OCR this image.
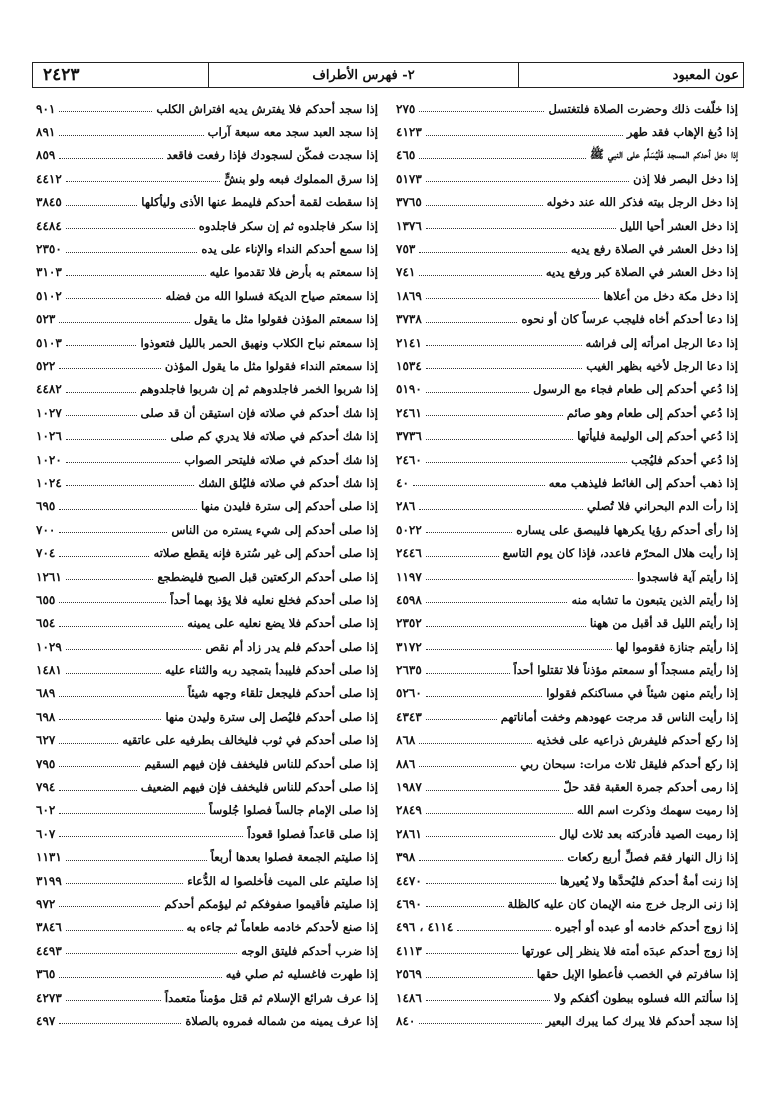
عون المعبود
٢- فهرس الأطراف
٢٤٢٣
إذا خلّفت ذلك وحضرت الصلاة فلتغتسل
٢٧٥
إذا دُبغ الإهاب فقد طهر
٤١٢٣
إذا دخل أحدكم المسجد فَلْيُسَلِّم على النبي ﷺ
٤٦٥
إذا دخل البصر فلا إذن
٥١٧٣
إذا دخل الرجل بيته فذكر الله عند دخوله
٣٧٦٥
إذا دخل العشر أحيا الليل
١٣٧٦
إذا دخل العشر في الصلاة رفع يديه
٧٥٣
إذا دخل العشر في الصلاة كبر ورفع يديه
٧٤١
إذا دخل مكة دخل من أعلاها
١٨٦٩
إذا دعا أحدكم أخاه فليجب عرساً كان أو نحوه
٣٧٣٨
إذا دعا الرجل امرأته إلى فراشه
٢١٤١
إذا دعا الرجل لأخيه بظهر الغيب
١٥٣٤
إذا دُعي أحدكم إلى طعام فجاء مع الرسول
٥١٩٠
إذا دُعي أحدكم إلى طعام وهو صائم
٢٤٦١
إذا دُعي أحدكم إلى الوليمة فليأتها
٣٧٣٦
إذا دُعي أحدكم فليُجب
٢٤٦٠
إذا ذهب أحدكم إلى الغائط فليذهب معه
٤٠
إذا رأت الدم البحراني فلا تُصلي
٢٨٦
إذا رأى أحدكم رؤيا يكرهها فليبصق على يساره
٥٠٢٢
إذا رأيت هلال المحرّم فاعدد، فإذا كان يوم التاسع
٢٤٤٦
إذا رأيتم آية فاسجدوا
١١٩٧
إذا رأيتم الذين يتبعون ما تشابه منه
٤٥٩٨
إذا رأيتم الليل قد أقبل من ههنا
٢٣٥٢
إذا رأيتم جنازة فقوموا لها
٣١٧٢
إذا رأيتم مسجداً أو سمعتم مؤذناً فلا تقتلوا أحداً
٢٦٣٥
إذا رأيتم منهن شيئاً في مساكنكم فقولوا
٥٢٦٠
إذا رأيت الناس قد مرجت عهودهم وخفت أماناتهم
٤٣٤٣
إذا ركع أحدكم فليفرش ذراعيه على فخذيه
٨٦٨
إذا ركع أحدكم فليقل ثلاث مرات: سبحان ربي
٨٨٦
إذا رمى أحدكم جمرة العقبة فقد حلّ
١٩٨٧
إذا رميت سهمك وذكرت اسم الله
٢٨٤٩
إذا رميت الصيد فأدركته بعد ثلاث ليال
٢٨٦١
إذا زال النهار فقم فصلِّ أربع ركعات
٣٩٨
إذا زنت أمةُ أحدكم فليُحدَّها ولا يُعيرها
٤٤٧٠
إذا زنى الرجل خرج منه الإيمان كان عليه كالظلة
٤٦٩٠
إذا زوج أحدكم خادمه أو عبده أو أجيره
٤١١٤ ، ٤٩٦
إذا زوج أحدكم عبدَه أمته فلا ينظر إلى عورتها
٤١١٣
إذا سافرتم في الخصب فأعطوا الإبل حقها
٢٥٦٩
إذا سألتم الله فسلوه ببطون أكفكم ولا
١٤٨٦
إذا سجد أحدكم فلا يبرك كما يبرك البعير
٨٤٠
إذا سجد أحدكم فلا يفترش يديه افتراش الكلب
٩٠١
إذا سجد العبد سجد معه سبعة آراب
٨٩١
إذا سجدت فمكّن لسجودك فإذا رفعت فاقعد
٨٥٩
إذا سرق المملوك فبعه ولو بنشٍّ
٤٤١٢
إذا سقطت لقمة أحدكم فليمط عنها الأذى وليأكلها
٣٨٤٥
إذا سكر فاجلدوه ثم إن سكر فاجلدوه
٤٤٨٤
إذا سمع أحدكم النداء والإناء على يده
٢٣٥٠
إذا سمعتم به بأرض فلا تقدموا عليه
٣١٠٣
إذا سمعتم صياح الديكة فسلوا الله من فضله
٥١٠٢
إذا سمعتم المؤذن فقولوا مثل ما يقول
٥٢٣
إذا سمعتم نباح الكلاب ونهيق الحمر بالليل فتعوذوا
٥١٠٣
إذا سمعتم النداء فقولوا مثل ما يقول المؤذن
٥٢٢
إذا شربوا الخمر فاجلدوهم ثم إن شربوا فاجلدوهم
٤٤٨٢
إذا شك أحدكم في صلاته فإن استيقن أن قد صلى
١٠٢٧
إذا شك أحدكم في صلاته فلا يدري كم صلى
١٠٢٦
إذا شك أحدكم في صلاته فليتحر الصواب
١٠٢٠
إذا شك أحدكم في صلاته فليُلق الشك
١٠٢٤
إذا صلى أحدكم إلى سترة فليدن منها
٦٩٥
إذا صلى أحدكم إلى شيء يستره من الناس
٧٠٠
إذا صلى أحدكم إلى غير سُترة فإنه يقطع صلاته
٧٠٤
إذا صلى أحدكم الركعتين قبل الصبح فليضطجع
١٢٦١
إذا صلى أحدكم فخلع نعليه فلا يؤذ بهما أحداً
٦٥٥
إذا صلى أحدكم فلا يضع نعليه على يمينه
٦٥٤
إذا صلى أحدكم فلم يدر زاد أم نقص
١٠٢٩
إذا صلى أحدكم فليبدأ بتمجيد ربه والثناء عليه
١٤٨١
إذا صلى أحدكم فليجعل تلقاء وجهه شيئاً
٦٨٩
إذا صلى أحدكم فليُصل إلى سترة وليدن منها
٦٩٨
إذا صلى أحدكم في ثوب فليخالف بطرفيه على عاتقيه
٦٢٧
إذا صلى أحدكم للناس فليخفف فإن فيهم السقيم
٧٩٥
إذا صلى أحدكم للناس فليخفف فإن فيهم الضعيف
٧٩٤
إذا صلى الإمام جالساً فصلوا جُلوساً
٦٠٢
إذا صلى قاعداً فصلوا قعوداً
٦٠٧
إذا صليتم الجمعة فصلوا بعدها أربعاً
١١٣١
إذا صليتم على الميت فأخلصوا له الدُّعاء
٣١٩٩
إذا صليتم فأقيموا صفوفكم ثم ليؤمكم أحدكم
٩٧٢
إذا صنع لأحدكم خادمه طعاماً ثم جاءه به
٣٨٤٦
إذا ضرب أحدكم فليتق الوجه
٤٤٩٣
إذا طهرت فاغسليه ثم صلي فيه
٣٦٥
إذا عرف شرائع الإسلام ثم قتل مؤمناً متعمداً
٤٢٧٣
إذا عرف يمينه من شماله فمروه بالصلاة
٤٩٧
